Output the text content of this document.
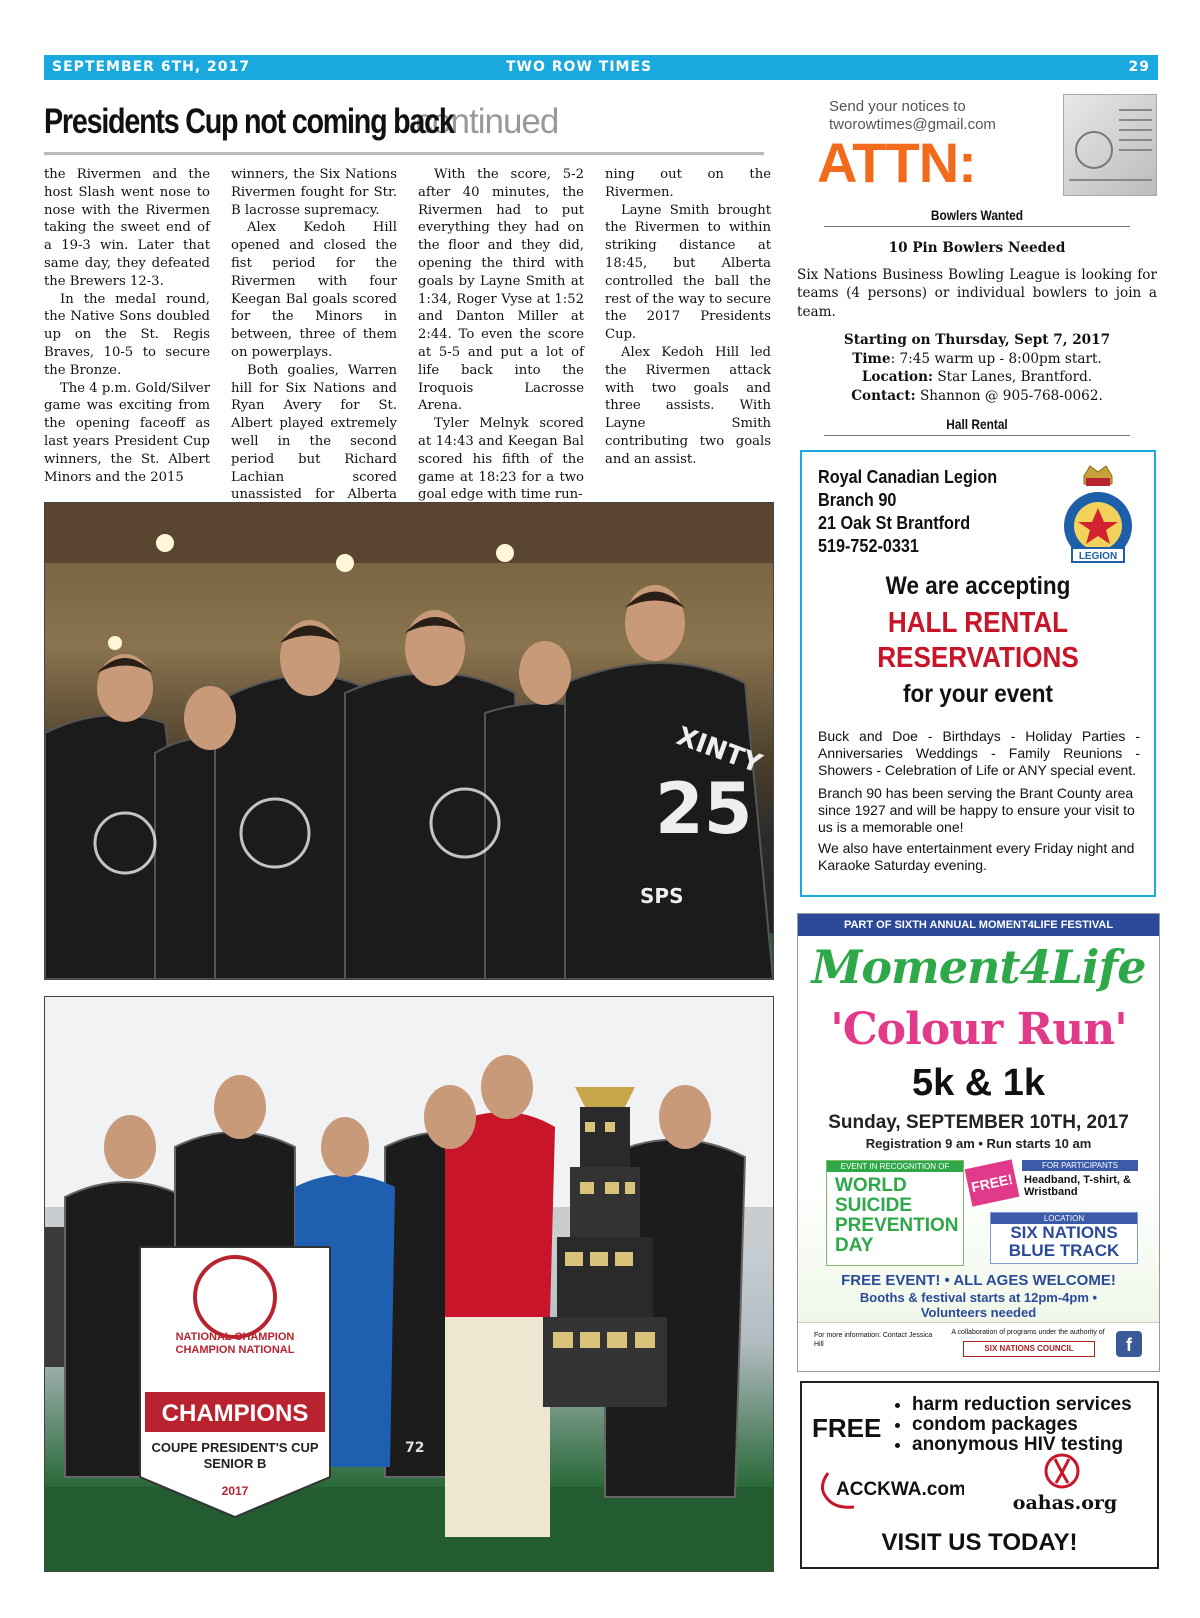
SEPTEMBER 6TH, 2017	TWO ROW TIMES	29
Presidents Cup not coming backcontinued

the Rivermen and the host Slash went nose to nose with the Rivermen taking the sweet end of a 19-3 win. Later that same day, they defeated the Brewers 12-3.

In the medal round, the Native Sons doubled up on the St. Regis Braves, 10-5 to secure the Bronze.

The 4 p.m. Gold/Silver game was exciting from the opening faceoff as last years President Cup winners, the St. Albert Minors and the 2015

winners, the Six Nations Rivermen fought for Str. B lacrosse supremacy.

Alex Kedoh Hill opened and closed the fist period for the Rivermen with four Keegan Bal goals scored for the Minors in between, three of them on powerplays.

Both goalies, Warren hill for Six Nations and Ryan Avery for St. Albert played extremely well in the second period but Richard Lachian scored unassisted for Alberta

With the score, 5-2 after 40 minutes, the Rivermen had to put everything they had on the floor and they did, opening the third with goals by Layne Smith at 1:34, Roger Vyse at 1:52 and Danton Miller at 2:44. To even the score at 5-5 and put a lot of life back into the Iroquois Lacrosse Arena.

Tyler Melnyk scored at 14:43 and Keegan Bal scored his fifth of the game at 18:23 for a two goal edge with time run-

ning out on the Rivermen.

Layne Smith brought the Rivermen to within striking distance at 18:45, but Alberta controlled the ball the rest of the way to secure the 2017 Presidents Cup.

Alex Kedoh Hill led the Rivermen attack with two goals and three assists. With Layne Smith contributing two goals and an assist.

XINTY
25
SPS
NATIONAL CHAMPION
CHAMPION NATIONAL
CHAMPIONS
COUPE PRESIDENT'S CUP
SENIOR B
2017
72
Send your notices to
tworowtimes@gmail.com
ATTN:
Bowlers Wanted
10 Pin Bowlers Needed
Six Nations Business Bowling League is looking for teams (4 persons) or individual bowlers to join a team.
Starting on Thursday, Sept 7, 2017
Time: 7:45 warm up - 8:00pm start.
Location: Star Lanes, Brantford.
Contact: Shannon @ 905-768-0062.
Hall Rental
Royal Canadian Legion
Branch 90
21 Oak St Brantford
519-752-0331
LEGION
We are accepting
HALL RENTAL
RESERVATIONS
for your event
Buck and Doe - Birthdays - Holiday Parties - Anniversaries Weddings - Family Reunions - Showers - Celebration of Life or ANY special event.
Branch 90 has been serving the Brant County area since 1927 and will be happy to ensure your visit to us is a memorable one!
We also have entertainment every Friday night and Karaoke Saturday evening.
PART OF SIXTH ANNUAL MOMENT4LIFE FESTIVAL
Moment4Life
'Colour Run'
5k & 1k
Sunday, SEPTEMBER 10TH, 2017
Registration 9 am • Run starts 10 am
EVENT IN RECOGNITION OF
WORLD SUICIDE PREVENTION DAY
FOR PARTICIPANTS
FREE! Headband, T-shirt, & Wristband
LOCATION
SIX NATIONS BLUE TRACK
FREE EVENT! • ALL AGES WELCOME!
Booths & festival starts at 12pm-4pm •
Volunteers needed
For more information: Contact Jessica Hill
A collaboration of programs under the authority of
SIX NATIONS COUNCIL	f
FREE
• harm reduction services
• condom packages
• anonymous HIV testing
ACCKWA.com
oahas.org
VISIT US TODAY!
